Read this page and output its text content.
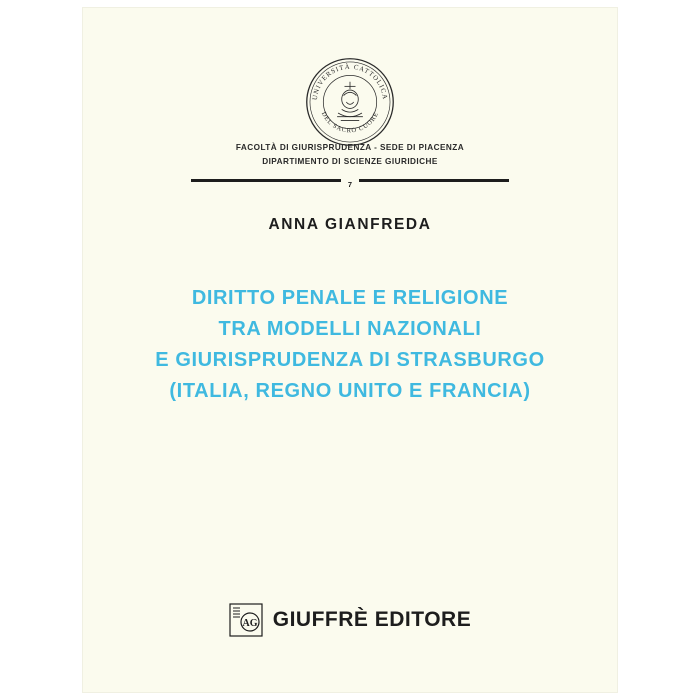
UNIVERSITÀ CATTOLICA
DEL SACRO CUORE
FACOLTÀ DI GIURISPRUDENZA - SEDE DI PIACENZA
DIPARTIMENTO DI SCIENZE GIURIDICHE
7
ANNA GIANFREDA
DIRITTO PENALE E RELIGIONE
TRA MODELLI NAZIONALI
E GIURISPRUDENZA DI STRASBURGO
(ITALIA, REGNO UNITO E FRANCIA)
AG GIUFFRÈ EDITORE
